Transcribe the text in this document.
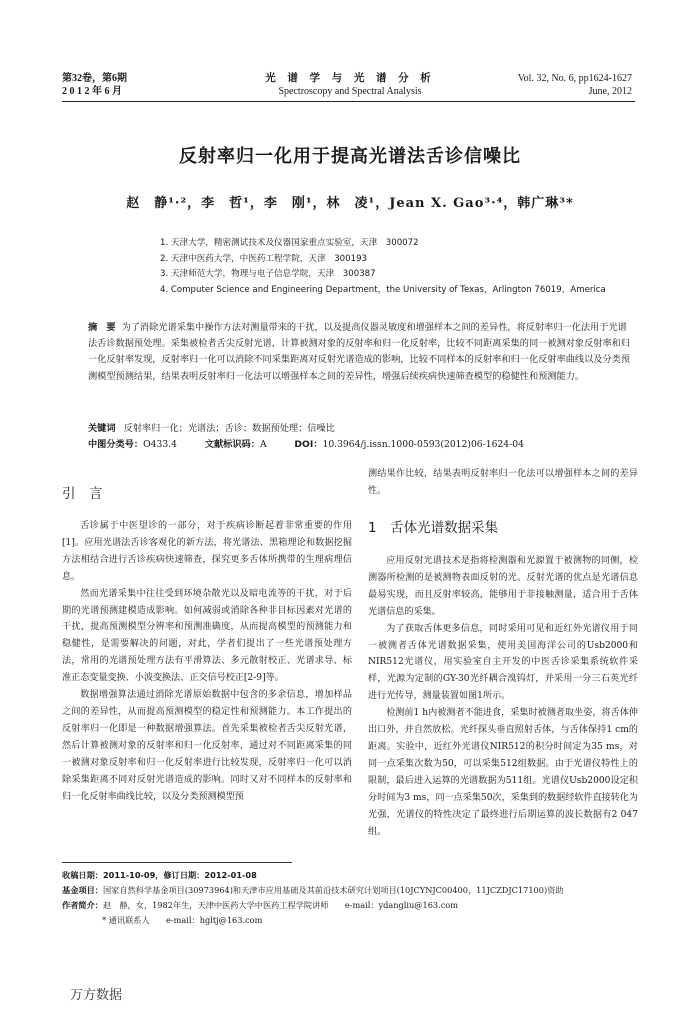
第32卷，第6期
2 0 1 2 年 6 月
光 谱 学 与 光 谱 分 析
Spectroscopy and Spectral Analysis
Vol. 32, No. 6, pp1624-1627
June, 2012
反射率归一化用于提高光谱法舌诊信噪比
赵　静¹·²，李　哲¹，李　刚¹，林　凌¹，Jean X. Gao³·⁴，韩广琳³*
1. 天津大学，精密测试技术及仪器国家重点实验室，天津　300072
2. 天津中医药大学，中医药工程学院，天津　300193
3. 天津师范大学，物理与电子信息学院，天津　300387
4. Computer Science and Engineering Department，the University of Texas，Arlington 76019，America
摘　要 为了消除光谱采集中操作方法对测量带来的干扰，以及提高仪器灵敏度和增强样本之间的差异性，将反射率归一化法用于光谱法舌诊数据预处理。采集被检者舌尖反射光谱，计算被测对象的反射率和归一化反射率，比较不同距离采集的同一被测对象反射率和归一化反射率发现，反射率归一化可以消除不同采集距离对反射光谱造成的影响，比较不同样本的反射率和归一化反射率曲线以及分类预测模型预测结果，结果表明反射率归一化法可以增强样本之间的差异性，增强后续疾病快速筛查模型的稳健性和预测能力。
关键词 反射率归一化；光谱法；舌诊；数据预处理；信噪比
中图分类号：O433.4	文献标识码：A	DOI：10.3964/j.issn.1000-0593(2012)06-1624-04
引　言

舌诊属于中医望诊的一部分，对于疾病诊断起着非常重要的作用[1]。应用光谱法舌诊客观化的新方法，将光谱法、黑箱理论和数据挖掘方法相结合进行舌诊疾病快速筛查，探究更多舌体所携带的生理病理信息。

然而光谱采集中往往受到环境杂散光以及暗电流等的干扰，对于后期的光谱预测建模造成影响。如何减弱或消除各种非目标因素对光谱的干扰，提高预测模型分辨率和预测准确度，从而提高模型的预测能力和稳健性，是需要解决的问题，对此，学者们提出了一些光谱预处理方法，常用的光谱预处理方法有平滑算法、多元散射校正、光谱求导、标准正态变量变换、小波变换法、正交信号校正[2-9]等。

数据增强算法通过消除光谱原始数据中包含的多余信息，增加样品之间的差异性，从而提高预测模型的稳定性和预测能力。本工作提出的反射率归一化即是一种数据增强算法。首先采集被检者舌尖反射光谱，然后计算被测对象的反射率和归一化反射率，通过对不同距离采集的同一被测对象反射率和归一化反射率进行比较发现，反射率归一化可以消除采集距离不同对反射光谱造成的影响。同时又对不同样本的反射率和归一化反射率曲线比较，以及分类预测模型预

测结果作比较，结果表明反射率归一化法可以增强样本之间的差异性。

1　舌体光谱数据采集

应用反射光谱技术是指将检测器和光源置于被测物的同侧，检测器所检测的是被测物表面反射的光。反射光谱的优点是光谱信息最易实现，而且反射率较高，能够用于非接触测量，适合用于舌体光谱信息的采集。

为了获取舌体更多信息，同时采用可见和近红外光谱仪用于同一被测者舌体光谱数据采集，使用美国海洋公司的Usb2000和NIR512光谱仪，用实验室自主开发的中医舌诊采集系统软件采样，光源为定制的GY-30光纤耦合溴钨灯，并采用一分三石英光纤进行光传导，测量装置如图1所示。

检测前1 h内被测者不能进食，采集时被测者取坐姿，将舌体伸出口外，并自然放松。光纤探头垂直照射舌体，与舌体保持1 cm的距离。实验中，近红外光谱仪NIR512的积分时间定为35 ms，对同一点采集次数为50，可以采集512组数据。由于光谱仪特性上的限制，最后进入运算的光谱数据为511组。光谱仪Usb2000设定积分时间为3 ms，同一点采集50次，采集到的数据经软件直接转化为光强，光谱仪的特性决定了最终进行后期运算的波长数据有2 047组。

收稿日期：2011-10-09，修订日期：2012-01-08
基金项目：国家自然科学基金项目(30973964)和天津市应用基础及其前沿技术研究计划项目(10JCYNJC00400，11JCZDJC17100)资助
作者简介：赵　静，女，1982年生，天津中医药大学中医药工程学院讲师　　e-mail：ydangliu@163.com
* 通讯联系人　　e-mail：hgltj@163.com
万方数据
